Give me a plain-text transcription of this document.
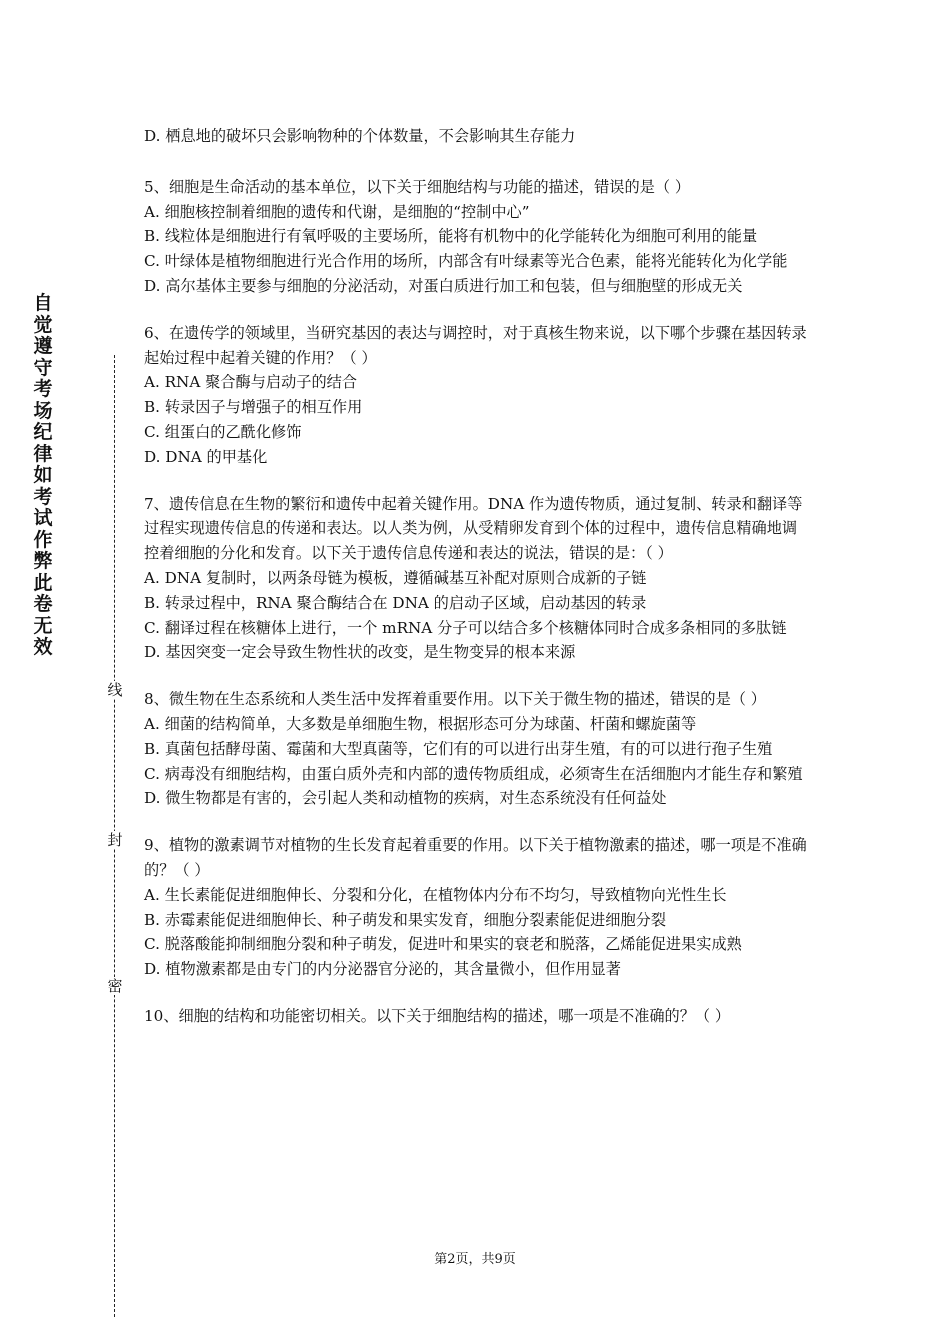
自觉遵守考场纪律如考试作弊此卷无效
线
封
密

D. 栖息地的破坏只会影响物种的个体数量，不会影响其生存能力

5、细胞是生命活动的基本单位，以下关于细胞结构与功能的描述，错误的是（ ）

A. 细胞核控制着细胞的遗传和代谢，是细胞的“控制中心”

B. 线粒体是细胞进行有氧呼吸的主要场所，能将有机物中的化学能转化为细胞可利用的能量

C. 叶绿体是植物细胞进行光合作用的场所，内部含有叶绿素等光合色素，能将光能转化为化学能

D. 高尔基体主要参与细胞的分泌活动，对蛋白质进行加工和包装，但与细胞壁的形成无关

6、在遗传学的领域里，当研究基因的表达与调控时，对于真核生物来说，以下哪个步骤在基因转录起始过程中起着关键的作用？（ ）

A. RNA 聚合酶与启动子的结合

B. 转录因子与增强子的相互作用

C. 组蛋白的乙酰化修饰

D. DNA 的甲基化

7、遗传信息在生物的繁衍和遗传中起着关键作用。DNA 作为遗传物质，通过复制、转录和翻译等过程实现遗传信息的传递和表达。以人类为例，从受精卵发育到个体的过程中，遗传信息精确地调控着细胞的分化和发育。以下关于遗传信息传递和表达的说法，错误的是：（ ）

A. DNA 复制时，以两条母链为模板，遵循碱基互补配对原则合成新的子链

B. 转录过程中，RNA 聚合酶结合在 DNA 的启动子区域，启动基因的转录

C. 翻译过程在核糖体上进行，一个 mRNA 分子可以结合多个核糖体同时合成多条相同的多肽链

D. 基因突变一定会导致生物性状的改变，是生物变异的根本来源

8、微生物在生态系统和人类生活中发挥着重要作用。以下关于微生物的描述，错误的是（ ）

A. 细菌的结构简单，大多数是单细胞生物，根据形态可分为球菌、杆菌和螺旋菌等

B. 真菌包括酵母菌、霉菌和大型真菌等，它们有的可以进行出芽生殖，有的可以进行孢子生殖

C. 病毒没有细胞结构，由蛋白质外壳和内部的遗传物质组成，必须寄生在活细胞内才能生存和繁殖

D. 微生物都是有害的，会引起人类和动植物的疾病，对生态系统没有任何益处

9、植物的激素调节对植物的生长发育起着重要的作用。以下关于植物激素的描述，哪一项是不准确的？（ ）

A. 生长素能促进细胞伸长、分裂和分化，在植物体内分布不均匀，导致植物向光性生长

B. 赤霉素能促进细胞伸长、种子萌发和果实发育，细胞分裂素能促进细胞分裂

C. 脱落酸能抑制细胞分裂和种子萌发，促进叶和果实的衰老和脱落，乙烯能促进果实成熟

D. 植物激素都是由专门的内分泌器官分泌的，其含量微小，但作用显著

10、细胞的结构和功能密切相关。以下关于细胞结构的描述，哪一项是不准确的？（ ）

第2页，共9页
